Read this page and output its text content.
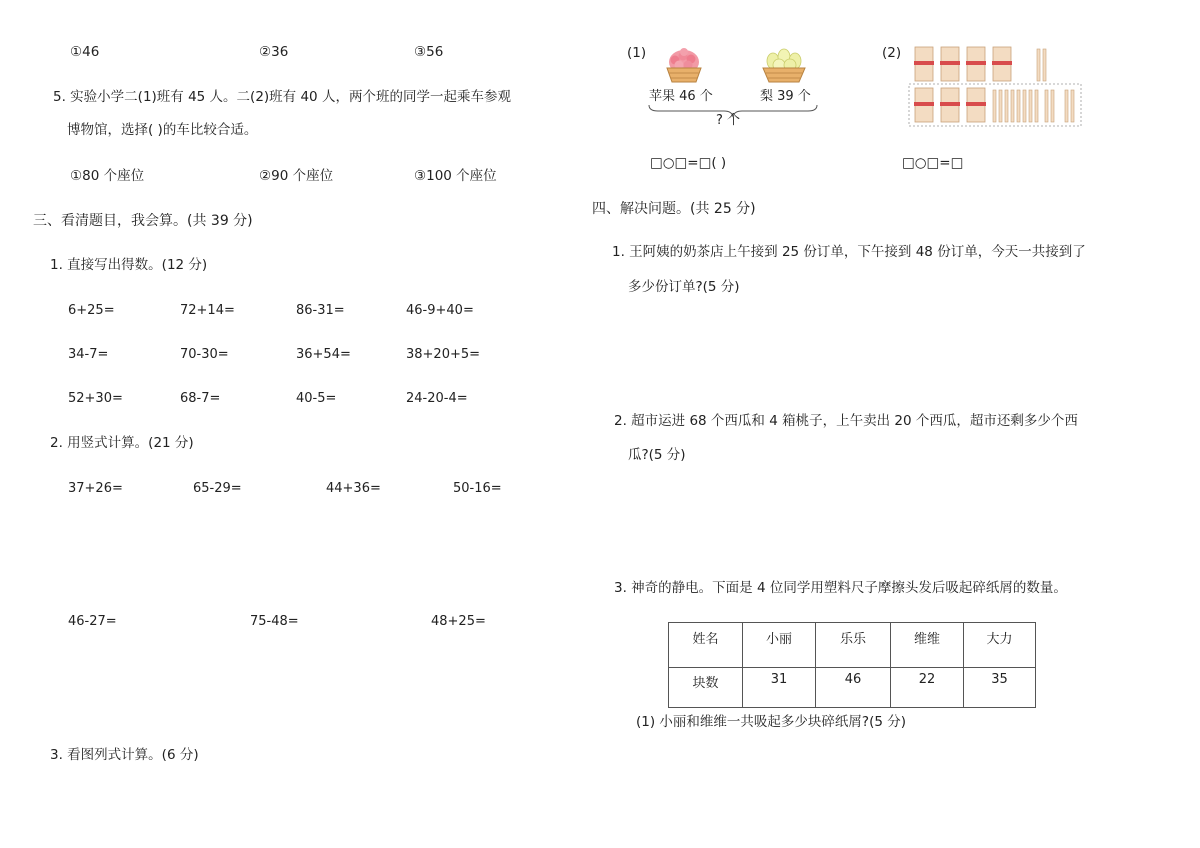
①46	②36	③56
5. 实验小学二(1)班有 45 人。二(2)班有 40 人，两个班的同学一起乘车参观
博物馆，选择( )的车比较合适。
①80 个座位	②90 个座位	③100 个座位
三、看清题目，我会算。(共 39 分)
1. 直接写出得数。(12 分)
6+25=	72+14=	86-31=	46-9+40=
34-7=	70-30=	36+54=	38+20+5=
52+30=	68-7=	40-5=	24-20-4=
2. 用竖式计算。(21 分)
37+26=	65-29=	44+36=	50-16=
46-27=	75-48=	48+25=
3. 看图列式计算。(6 分)
(1)
苹果 46 个	梨 39 个
? 个
□○□=□( )
(2)
□○□=□
四、解决问题。(共 25 分)
1. 王阿姨的奶茶店上午接到 25 份订单，下午接到 48 份订单，今天一共接到了
多少份订单?(5 分)
2. 超市运进 68 个西瓜和 4 箱桃子，上午卖出 20 个西瓜，超市还剩多少个西
瓜?(5 分)
3. 神奇的静电。下面是 4 位同学用塑料尺子摩擦头发后吸起碎纸屑的数量。
姓名	小丽	乐乐	维维	大力
块数	31	46	22	35
(1) 小丽和维维一共吸起多少块碎纸屑?(5 分)
